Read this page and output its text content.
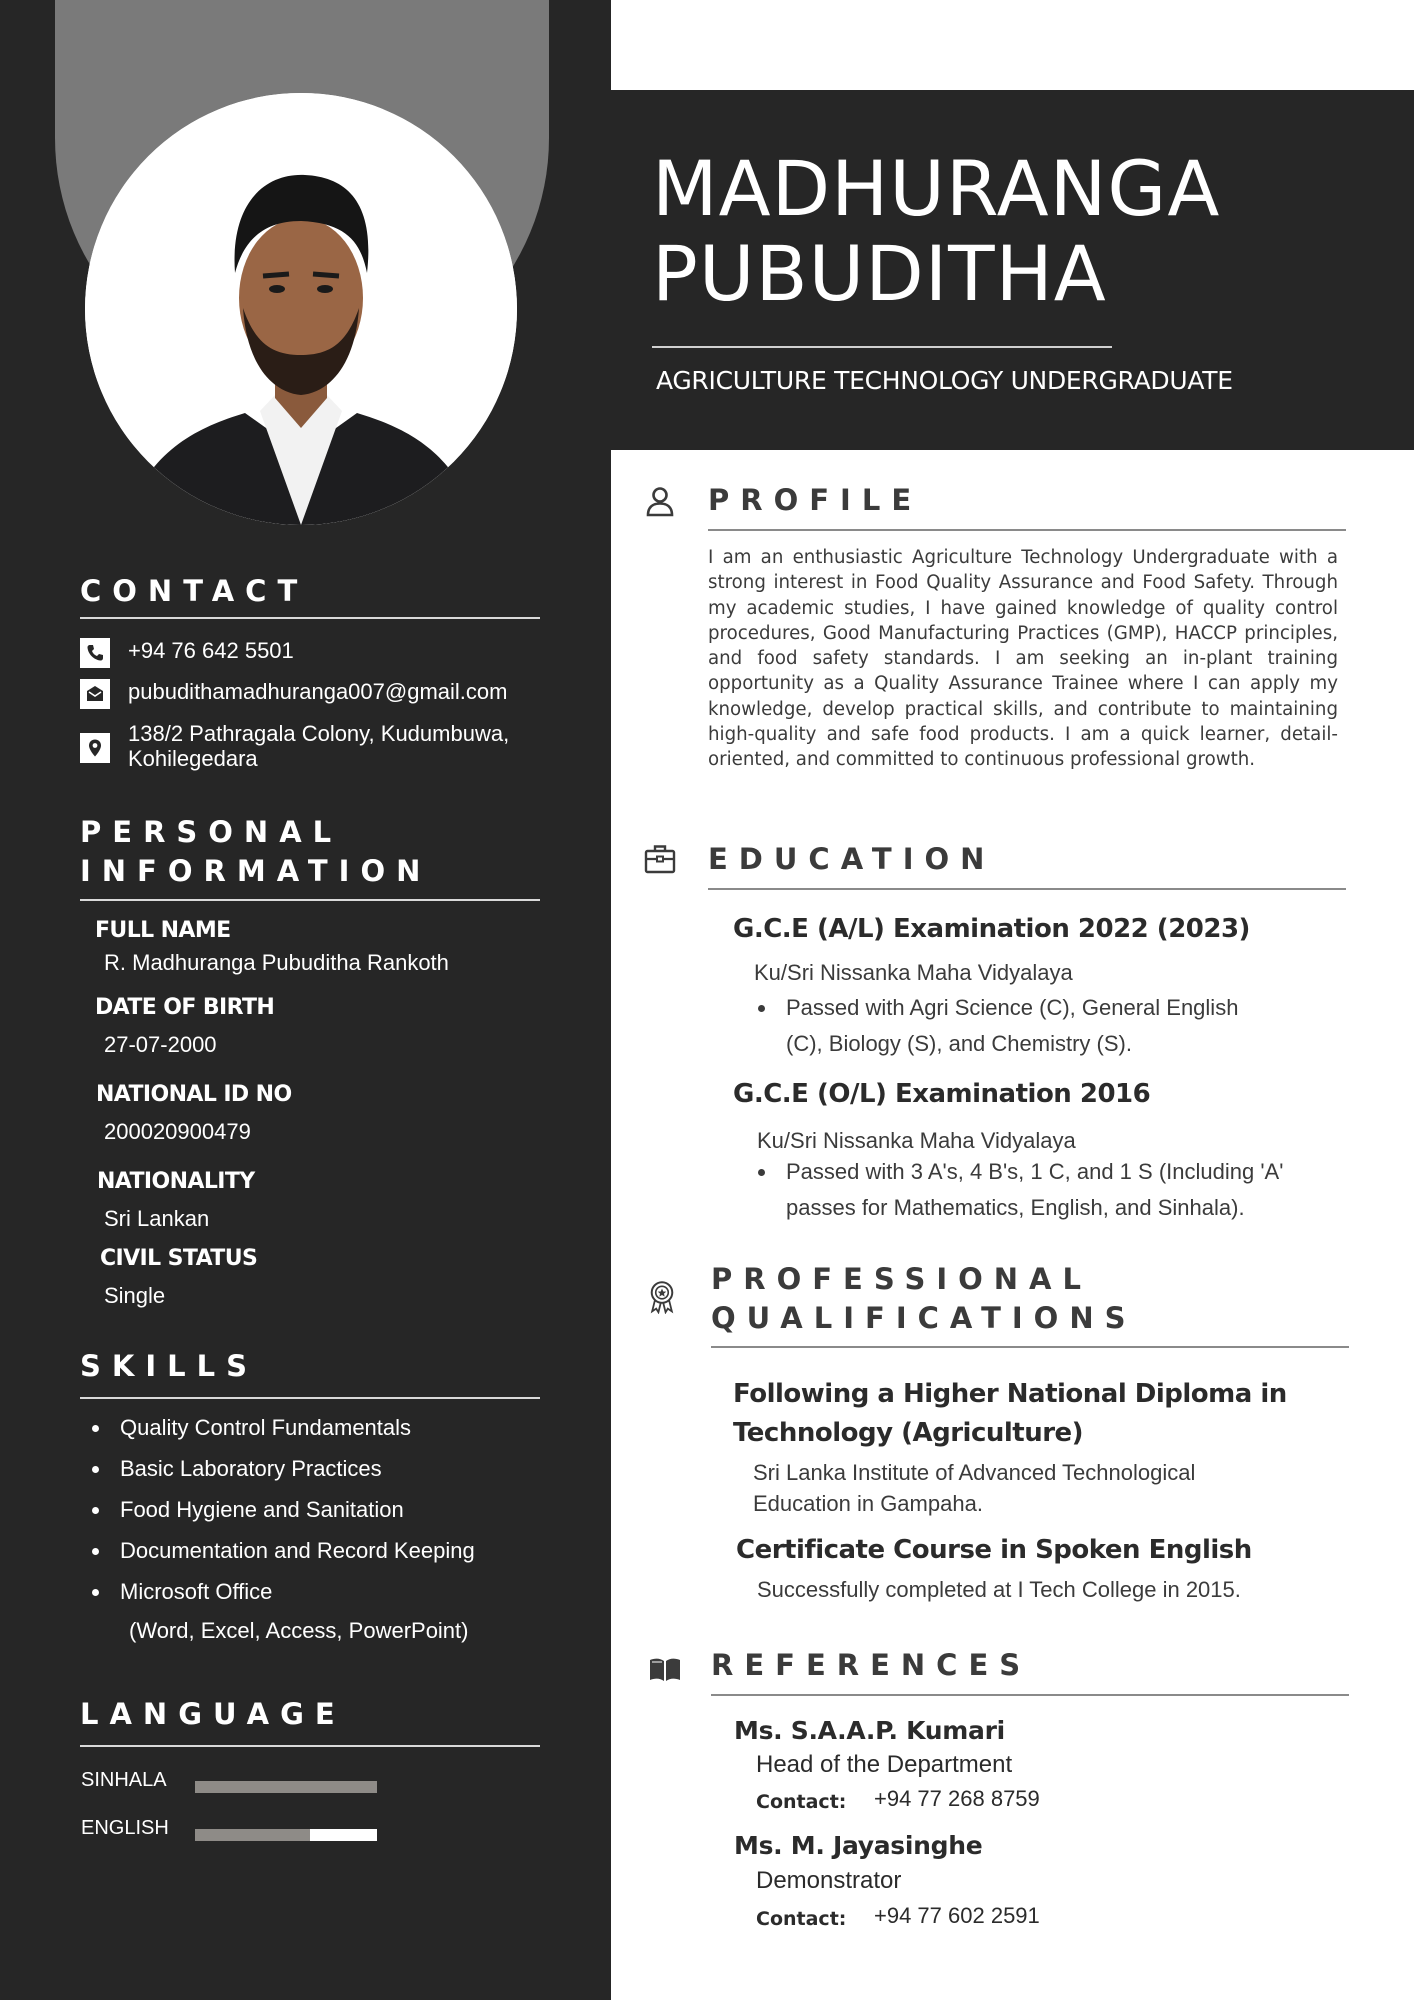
CONTACT
+94 76 642 5501
pubudithamadhuranga007@gmail.com
138/2 Pathragala Colony, Kudumbuwa,
Kohilegedara
PERSONAL
INFORMATION
FULL NAME
R. Madhuranga Pubuditha Rankoth
DATE OF BIRTH
27-07-2000
NATIONAL ID NO
200020900479
NATIONALITY
Sri Lankan
CIVIL STATUS
Single
SKILLS
Quality Control Fundamentals
Basic Laboratory Practices
Food Hygiene and Sanitation
Documentation and Record Keeping
Microsoft Office
(Word, Excel, Access, PowerPoint)
LANGUAGE
SINHALA
ENGLISH
MADHURANGA
PUBUDITHA
AGRICULTURE TECHNOLOGY UNDERGRADUATE
PROFILE
I am an enthusiastic Agriculture Technology Undergraduate with a strong interest in Food Quality Assurance and Food Safety. Through my academic studies, I have gained knowledge of quality control procedures, Good Manufacturing Practices (GMP), HACCP principles, and food safety standards. I am seeking an in-plant training opportunity as a Quality Assurance Trainee where I can apply my knowledge, develop practical skills, and contribute to maintaining high-quality and safe food products. I am a quick learner, detail-oriented, and committed to continuous professional growth.
EDUCATION
G.C.E (A/L) Examination 2022 (2023)
Ku/Sri Nissanka Maha Vidyalaya
Passed with Agri Science (C), General English
(C), Biology (S), and Chemistry (S).
G.C.E (O/L) Examination 2016
Ku/Sri Nissanka Maha Vidyalaya
Passed with 3 A's, 4 B's, 1 C, and 1 S (Including 'A'
passes for Mathematics, English, and Sinhala).
PROFESSIONAL
QUALIFICATIONS
Following a Higher National Diploma in
Technology (Agriculture)
Sri Lanka Institute of Advanced Technological
Education in Gampaha.
Certificate Course in Spoken English
Successfully completed at I Tech College in 2015.
REFERENCES
Ms. S.A.A.P. Kumari
Head of the Department
Contact: +94 77 268 8759
Ms. M. Jayasinghe
Demonstrator
Contact: +94 77 602 2591
